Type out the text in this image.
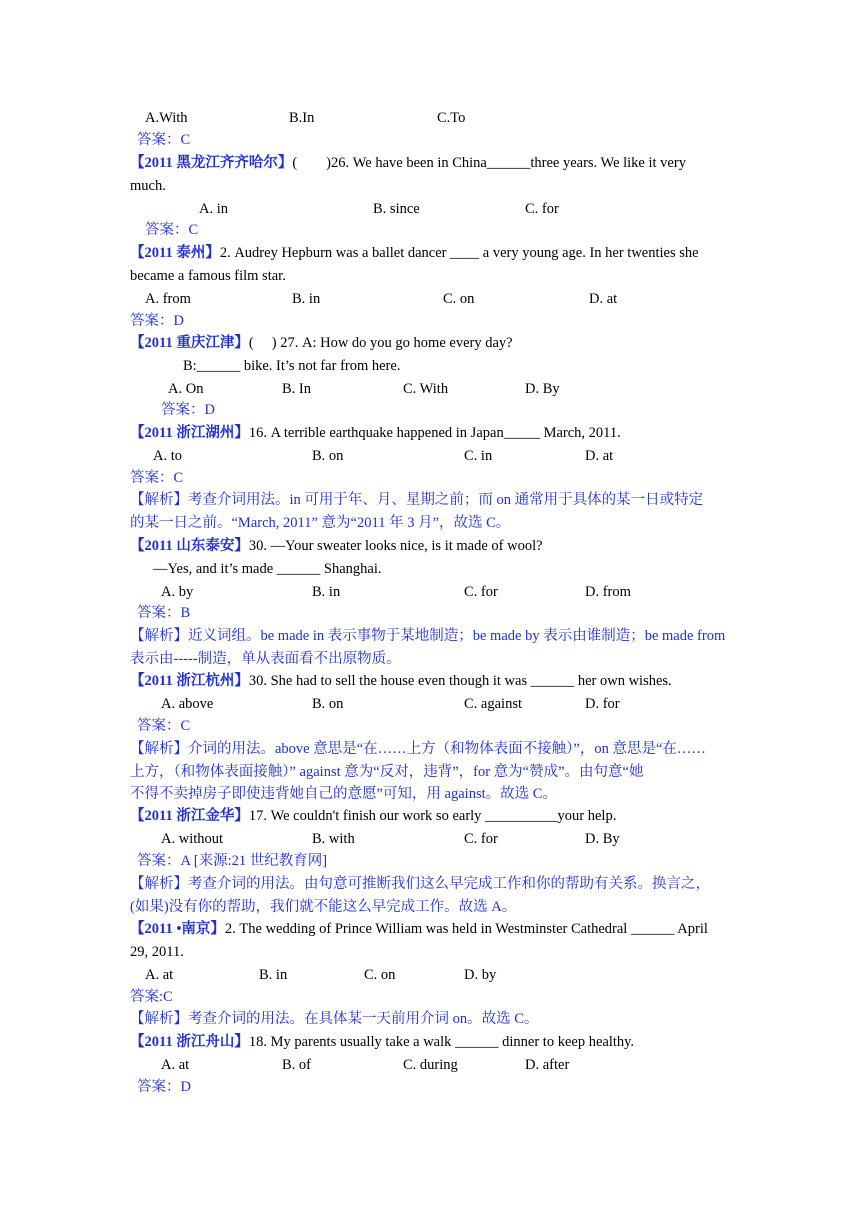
A.With	B.In	C.To
答案：C
【2011 黑龙江齐齐哈尔】(　　)26. We have been in China______three years. We like it very
much.
A. in	B. since	C. for
答案：C
【2011 泰州】2. Audrey Hepburn was a ballet dancer ____ a very young age. In her twenties she
became a famous film star.
A. from	B. in	C. on	D. at
答案：D
【2011 重庆江津】(　 ) 27. A: How do you go home every day?
B:______ bike. It’s not far from here.
A. On	B. In	C. With	D. By
答案：D
【2011 浙江湖州】16. A terrible earthquake happened in Japan_____ March, 2011.
A. to	B. on	C. in	D. at
答案：C
【解析】考查介词用法。in 可用于年、月、星期之前；而 on 通常用于具体的某一日或特定
的某一日之前。“March, 2011” 意为“2011 年 3 月”，故选 C。
【2011 山东泰安】30. —Your sweater looks nice, is it made of wool?
—Yes, and it’s made ______ Shanghai.
A. by	B. in	C. for	D. from
答案：B
【解析】近义词组。be made in 表示事物于某地制造；be made by 表示由谁制造；be made from
表示由-----制造，单从表面看不出原物质。
【2011 浙江杭州】30. She had to sell the house even though it was ______ her own wishes.
A. above	B. on	C. against	D. for
答案：C
【解析】介词的用法。above 意思是“在……上方（和物体表面不接触）”，on 意思是“在……
上方，（和物体表面接触）” against 意为“反对，违背”，for 意为“赞成”。由句意“她
不得不卖掉房子即使违背她自己的意愿”可知，用 against。故选 C。
【2011 浙江金华】17. We couldn't finish our work so early __________your help.
A. without	B. with	C. for	D. By
答案：A [来源:21 世纪教育网]
【解析】考查介词的用法。由句意可推断我们这么早完成工作和你的帮助有关系。换言之，
(如果)没有你的帮助，我们就不能这么早完成工作。故选 A。
【2011 •南京】2. The wedding of Prince William was held in Westminster Cathedral ______ April
29, 2011.
A. at	B. in	C. on	D. by
答案:C
【解析】考查介词的用法。在具体某一天前用介词 on。故选 C。
【2011 浙江舟山】18. My parents usually take a walk ______ dinner to keep healthy.
A. at	B. of	C. during	D. after
答案：D
